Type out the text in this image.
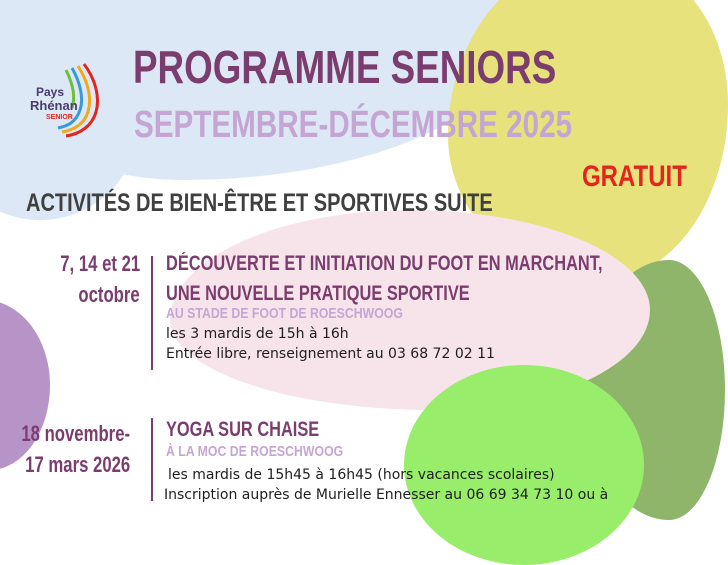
Pays
Rhénan
SENIOR
PROGRAMME SENIORS
SEPTEMBRE-DÉCEMBRE 2025
GRATUIT
ACTIVITÉS DE BIEN-ÊTRE ET SPORTIVES SUITE
7, 14 et 21
octobre
DÉCOUVERTE ET INITIATION DU FOOT EN MARCHANT,
UNE NOUVELLE PRATIQUE SPORTIVE
AU STADE DE FOOT DE ROESCHWOOG
les 3 mardis de 15h à 16h
Entrée libre, renseignement au 03 68 72 02 11
18 novembre-
17 mars 2026
YOGA SUR CHAISE
À LA MOC DE ROESCHWOOG
les mardis de 15h45 à 16h45 (hors vacances scolaires)
Inscription auprès de Murielle Ennesser au 06 69 34 73 10 ou à
